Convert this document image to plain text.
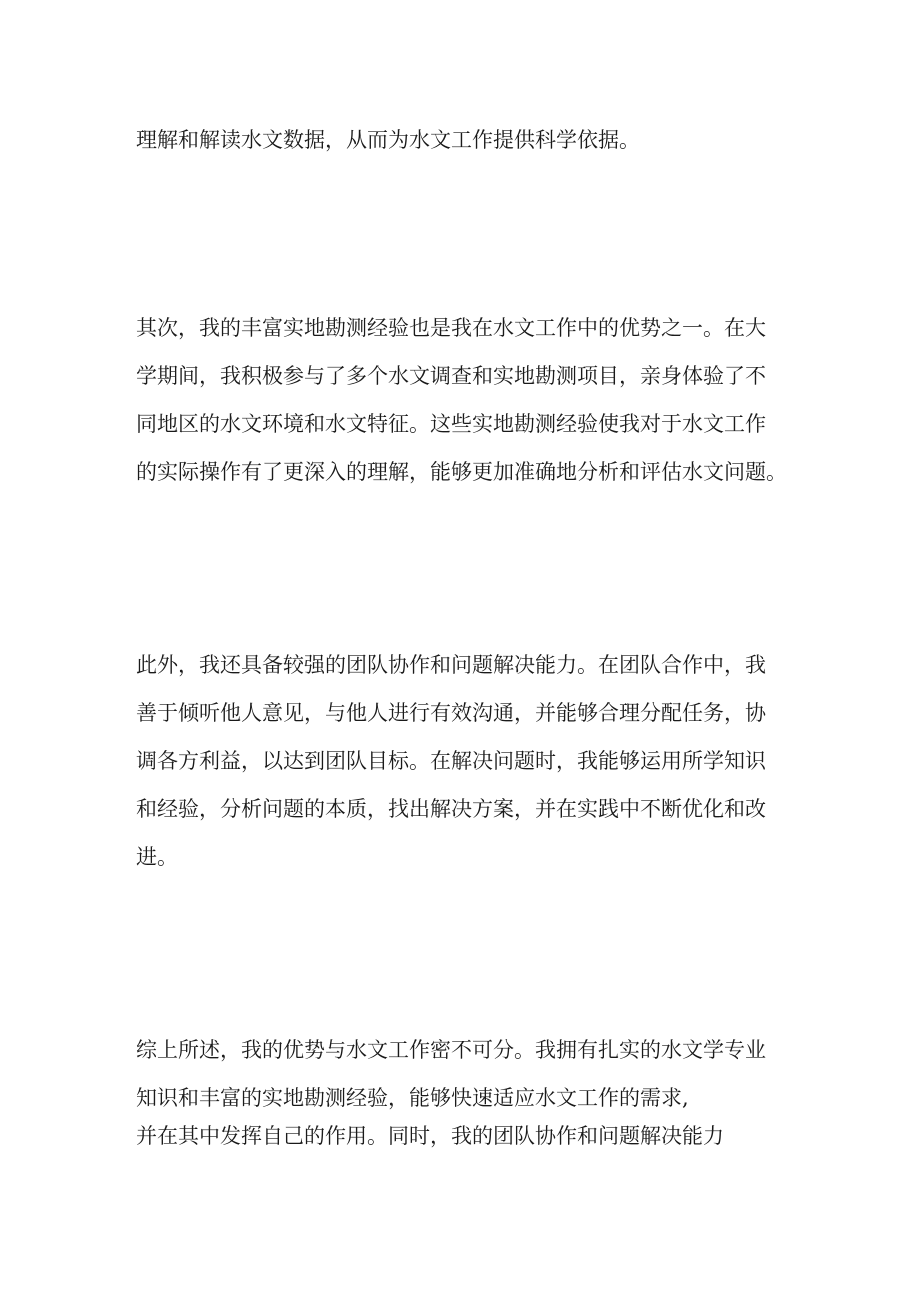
理解和解读水文数据，从而为水文工作提供科学依据。

其次，我的丰富实地勘测经验也是我在水文工作中的优势之一。在大

学期间，我积极参与了多个水文调查和实地勘测项目，亲身体验了不

同地区的水文环境和水文特征。这些实地勘测经验使我对于水文工作

的实际操作有了更深入的理解，能够更加准确地分析和评估水文问题。

此外，我还具备较强的团队协作和问题解决能力。在团队合作中，我

善于倾听他人意见，与他人进行有效沟通，并能够合理分配任务，协

调各方利益，以达到团队目标。在解决问题时，我能够运用所学知识

和经验，分析问题的本质，找出解决方案，并在实践中不断优化和改

进。

综上所述，我的优势与水文工作密不可分。我拥有扎实的水文学专业

知识和丰富的实地勘测经验，能够快速适应水文工作的需求,

并在其中发挥自己的作用。同时，我的团队协作和问题解决能力
